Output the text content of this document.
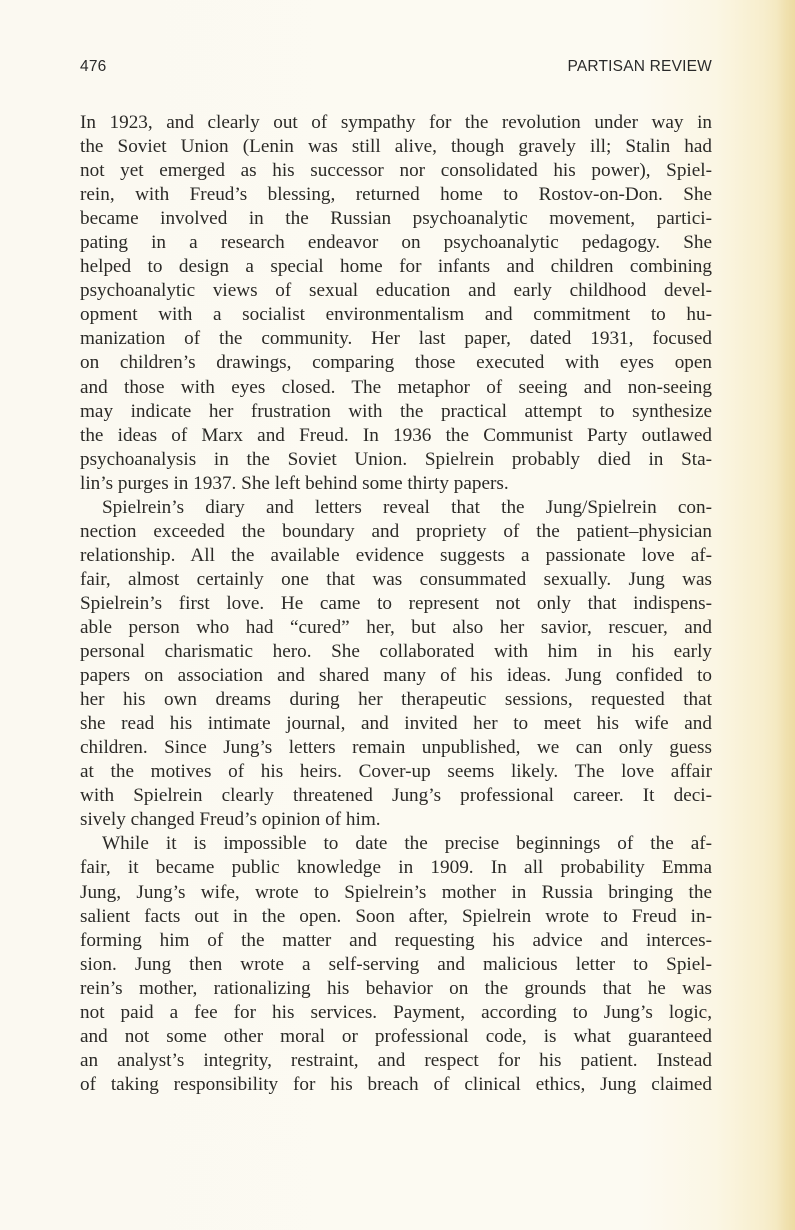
476	PARTISAN REVIEW
In 1923, and clearly out of sympathy for the revolution under way in
the Soviet Union (Lenin was still alive, though gravely ill; Stalin had
not yet emerged as his successor nor consolidated his power), Spiel-
rein, with Freud’s blessing, returned home to Rostov-on-Don. She
became involved in the Russian psychoanalytic movement, partici-
pating in a research endeavor on psychoanalytic pedagogy. She
helped to design a special home for infants and children combining
psychoanalytic views of sexual education and early childhood devel-
opment with a socialist environmentalism and commitment to hu-
manization of the community. Her last paper, dated 1931, focused
on children’s drawings, comparing those executed with eyes open
and those with eyes closed. The metaphor of seeing and non-seeing
may indicate her frustration with the practical attempt to synthesize
the ideas of Marx and Freud. In 1936 the Communist Party outlawed
psychoanalysis in the Soviet Union. Spielrein probably died in Sta-
lin’s purges in 1937. She left behind some thirty papers.
Spielrein’s diary and letters reveal that the Jung/Spielrein con-
nection exceeded the boundary and propriety of the patient–physician
relationship. All the available evidence suggests a passionate love af-
fair, almost certainly one that was consummated sexually. Jung was
Spielrein’s first love. He came to represent not only that indispens-
able person who had “cured” her, but also her savior, rescuer, and
personal charismatic hero. She collaborated with him in his early
papers on association and shared many of his ideas. Jung confided to
her his own dreams during her therapeutic sessions, requested that
she read his intimate journal, and invited her to meet his wife and
children. Since Jung’s letters remain unpublished, we can only guess
at the motives of his heirs. Cover-up seems likely. The love affair
with Spielrein clearly threatened Jung’s professional career. It deci-
sively changed Freud’s opinion of him.
While it is impossible to date the precise beginnings of the af-
fair, it became public knowledge in 1909. In all probability Emma
Jung, Jung’s wife, wrote to Spielrein’s mother in Russia bringing the
salient facts out in the open. Soon after, Spielrein wrote to Freud in-
forming him of the matter and requesting his advice and interces-
sion. Jung then wrote a self-serving and malicious letter to Spiel-
rein’s mother, rationalizing his behavior on the grounds that he was
not paid a fee for his services. Payment, according to Jung’s logic,
and not some other moral or professional code, is what guaranteed
an analyst’s integrity, restraint, and respect for his patient. Instead
of taking responsibility for his breach of clinical ethics, Jung claimed
